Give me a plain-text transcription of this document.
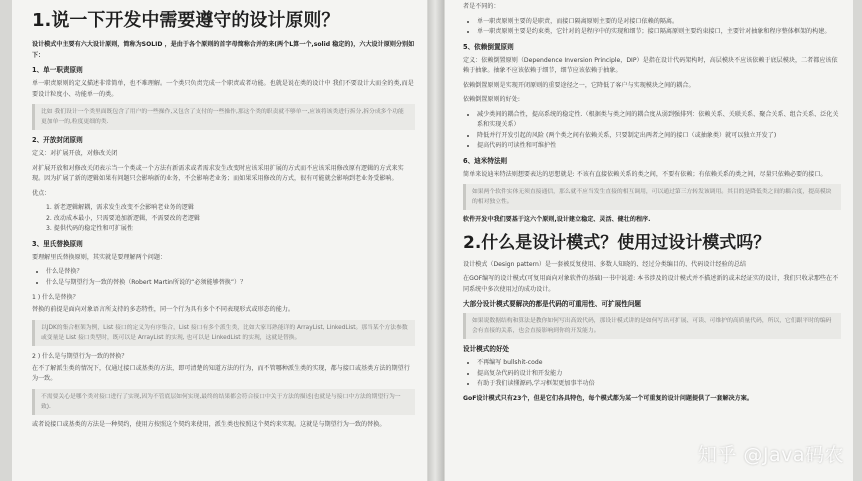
1.说一下开发中需要遵守的设计原则？
设计模式中主要有六大设计原则，简称为SOLID ，是由于各个原则的首字母简称合并的来(两个L算一个,solid 稳定的)，六大设计原则分别如下：
1、单一职责原则
单一职责原则的定义描述非常简单，也不难理解。一个类只负责完成一个职责或者功能。也就是说在类的设计中 我们不要设计大而全的类,而是要设计粒度小、功能单一的类。
比如 我们设计一个类里面既包含了用户的一些操作,又包含了支付的一些操作,那这个类的职责就不够单一,应该将该类进行拆分,拆分成多个功能更加单一的,粒度更细的类.
2、开放封闭原则
定义：对扩展开放，对修改关闭
对扩展开放和对修改关闭表示当一个类或一个方法有新需求或者需求发生改变时应该采用扩展的方式而不应该采用修改原有逻辑的方式来实现。因为扩展了新的逻辑如果有问题只会影响新的业务，不会影响老业务；而如果采用修改的方式，很有可能就会影响到老业务受影响。
优点：
1. 新老逻辑解耦，需求发生改变不会影响老业务的逻辑
2. 改动成本最小，只需要追加新逻辑，不需要改的老逻辑
3. 提供代码的稳定性和可扩展性
3、里氏替换原则
要理解里氏替换原则，其实就是要理解两个问题：
• 什么是替换？
• 什么是与期望行为一致的替换（Robert Martin所说的“必须能够替换”）？
1 ) 什么是替换？
替换的前提是面向对象语言所支持的多态特性，同一个行为具有多个不同表现形式或形态的能力。
以JDK的集合框架为例，List 接口的定义为有序集合，List 接口有多个派生类，比如大家耳熟能详的 ArrayList, LinkedList。那当某个方法参数或变量是 List 接口类型时，既可以是 ArrayList 的实现, 也可以是 LinkedList 的实现，这就是替换。
2 ) 什么是与期望行为一致的替换？
在不了解派生类的情况下，仅通过接口或基类的方法，即可清楚的知道方法的行为，而不管哪种派生类的实现，都与接口或基类方法的期望行为一致。
不需要关心是哪个类对接口进行了实现,因为不管底层如何实现,最终的结果都会符合接口中关于方法的描述(也就是与接口中方法的期望行为一致).
或者说接口或基类的方法是一种契约，使用方按照这个契约来使用，派生类也按照这个契约来实现。这就是与期望行为一致的替换。
者是不同的：
• 单一职责原则主要的是职责，而接口隔离原则主要的是对接口依赖的隔离。
• 单一职责原则主要是约束类，它针对的是程序中的实现和细节；接口隔离原则主要约束接口，主要针对抽象和程序整体框架的构建。
5、依赖倒置原则
定义：依赖倒置原则（Dependence Inversion Principle，DIP）是指在设计代码架构时，高层模块不应该依赖于底层模块，二者都应该依赖于抽象。抽象不应该依赖于细节，细节应该依赖于抽象。
依赖倒置原则是实现开闭原则的重要途径之一，它降低了客户与实现模块之间的耦合。
依赖倒置原则的好处:
• 减少类间的耦合性，提高系统的稳定性.（根据类与类之间的耦合度从弱到强排列：依赖关系、关联关系、聚合关系、组合关系、泛化关系和实现关系）
• 降低并行开发引起的风险 (两个类之间有依赖关系，只要制定出两者之间的接口（或抽象类）就可以独立开发了)
• 提高代码的可读性和可维护性
6、迪米特法则
简单来说迪米特法则想要表达的思想就是: 不该有直接依赖关系的类之间，不要有依赖；有依赖关系的类之间，尽量只依赖必要的接口。
如果两个软件实体无须直接通信，那么就不应当发生直接的相互调用，可以通过第三方转发该调用。其目的是降低类之间的耦合度，提高模块的相对独立性。
软件开发中我们要基于这六个原则,设计建立稳定、灵活、健壮的程序.
2.什么是设计模式？使用过设计模式吗？
设计模式（Design pattern）是一套被反复使用、多数人知晓的、经过分类编目的、代码设计经验的总结
在GOF编写的设计模式(可复用面向对象软件的基础)一书中说道: 本书涉及的设计模式并不描述新的或未经证实的设计，我们只收录那些在不同系统中多次使用过的成功设计。
大部分设计模式要解决的都是代码的可重用性、可扩展性问题
如果说数据结构和算法是教你如何写出高效代码，那设计模式讲的是如何写出可扩展、可读、可维护的高质量代码，所以，它们跟平时的编码会有直接的关系，也会直接影响到你的开发能力。
设计模式的好处
• 不再编写 bullshit-code
• 提高复杂代码的设计和开发能力
• 有助于我们读懂源码,学习框架更加事半功倍
GoF设计模式只有23个，但是它们各具特色，每个模式都为某一个可重复的设计问题提供了一套解决方案。
知乎 @Java码农
